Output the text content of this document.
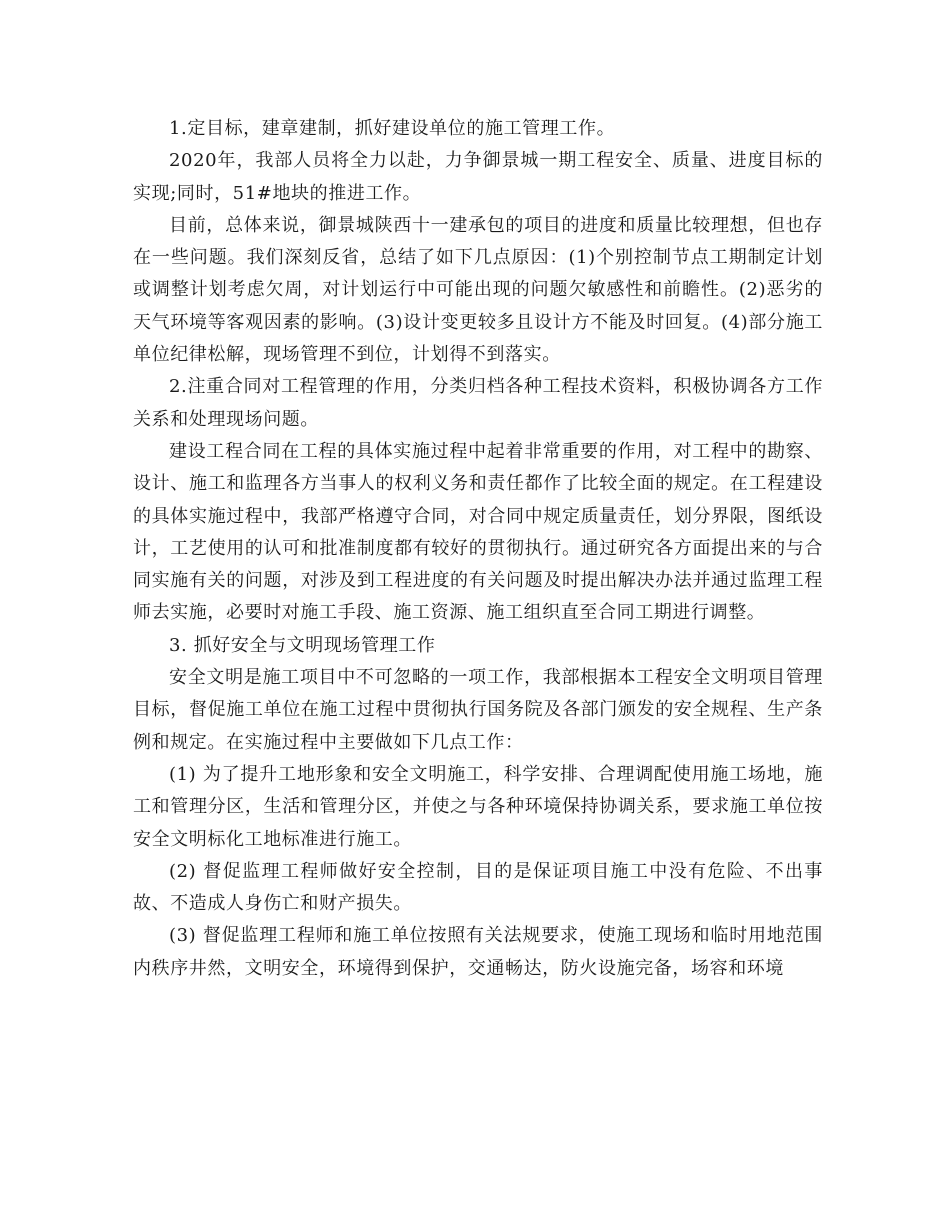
1.定目标，建章建制，抓好建设单位的施工管理工作。

2020年，我部人员将全力以赴，力争御景城一期工程安全、质量、进度目标的实现;同时，51#地块的推进工作。

目前，总体来说，御景城陕西十一建承包的项目的进度和质量比较理想，但也存在一些问题。我们深刻反省，总结了如下几点原因：(1)个别控制节点工期制定计划或调整计划考虑欠周，对计划运行中可能出现的问题欠敏感性和前瞻性。(2)恶劣的天气环境等客观因素的影响。(3)设计变更较多且设计方不能及时回复。(4)部分施工单位纪律松解，现场管理不到位，计划得不到落实。

2.注重合同对工程管理的作用，分类归档各种工程技术资料，积极协调各方工作关系和处理现场问题。

建设工程合同在工程的具体实施过程中起着非常重要的作用，对工程中的勘察、设计、施工和监理各方当事人的权利义务和责任都作了比较全面的规定。在工程建设的具体实施过程中，我部严格遵守合同，对合同中规定质量责任，划分界限，图纸设计，工艺使用的认可和批准制度都有较好的贯彻执行。通过研究各方面提出来的与合同实施有关的问题，对涉及到工程进度的有关问题及时提出解决办法并通过监理工程师去实施，必要时对施工手段、施工资源、施工组织直至合同工期进行调整。

3. 抓好安全与文明现场管理工作

安全文明是施工项目中不可忽略的一项工作，我部根据本工程安全文明项目管理目标，督促施工单位在施工过程中贯彻执行国务院及各部门颁发的安全规程、生产条例和规定。在实施过程中主要做如下几点工作：

(1) 为了提升工地形象和安全文明施工，科学安排、合理调配使用施工场地，施工和管理分区，生活和管理分区，并使之与各种环境保持协调关系，要求施工单位按安全文明标化工地标准进行施工。

(2) 督促监理工程师做好安全控制，目的是保证项目施工中没有危险、不出事故、不造成人身伤亡和财产损失。

(3) 督促监理工程师和施工单位按照有关法规要求，使施工现场和临时用地范围内秩序井然，文明安全，环境得到保护，交通畅达，防火设施完备，场容和环境
